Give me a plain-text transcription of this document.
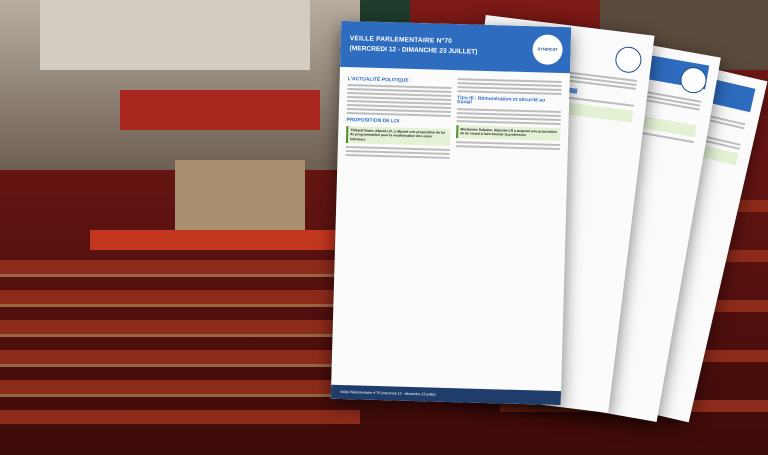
VEILLE PARLEMENTAIRE N°70
(MERCREDI 12 - DIMANCHE 23 JUILLET)	SYNDICAT
L'ACTUALITÉ POLITIQUE
PROPOSITION DE LOI
Thibault Bazin, député LR, a déposé une proposition de loi de programmation pour la revalorisation des soins infirmiers
Titre III : Rémunération et sécurité au travail
Mesdames Sabatou, déposée LR a proposé une proposition de loi visant à faire évoluer la profession
Veille Parlementaire n°70 (mercredi 12 - dimanche 23 juillet)
